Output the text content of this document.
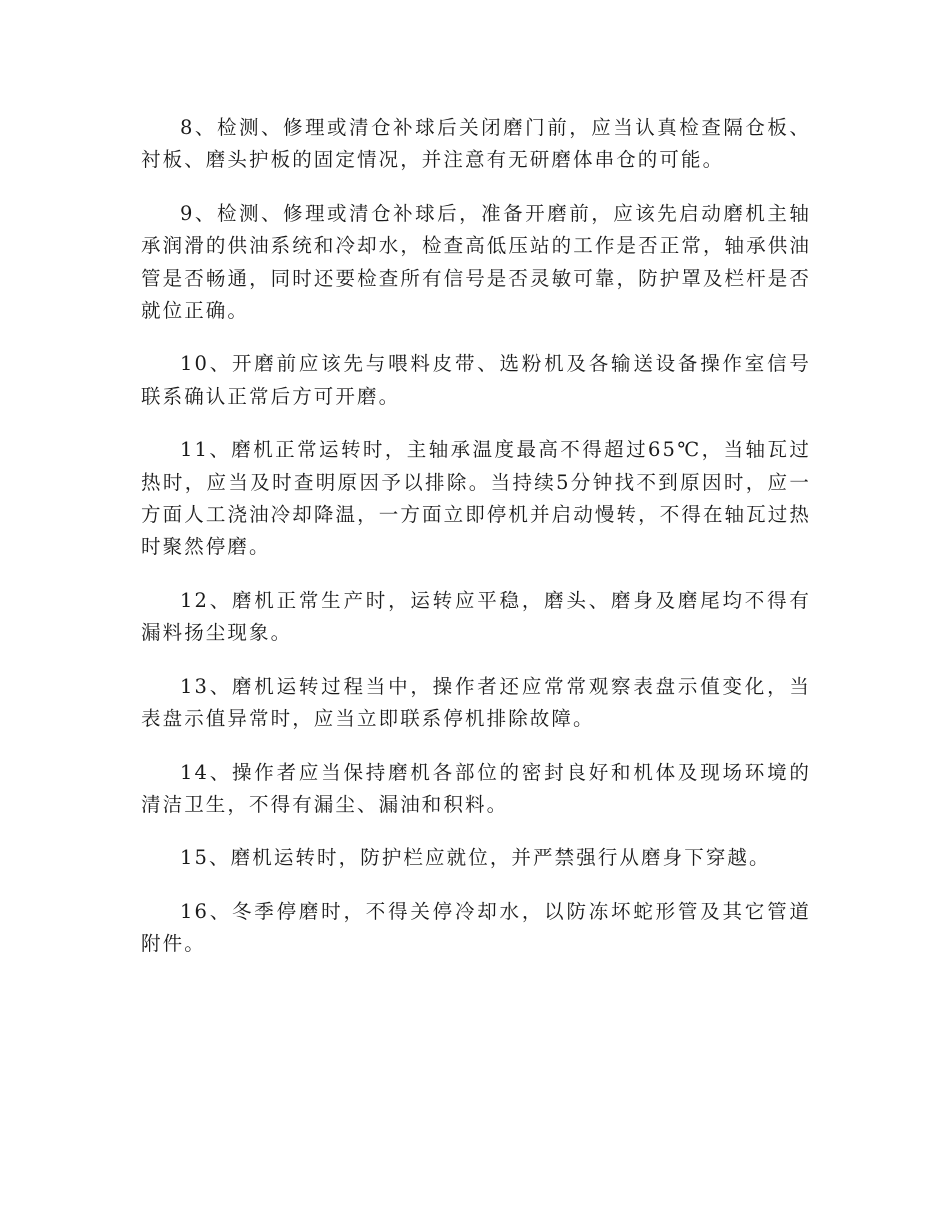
8、检测、修理或清仓补球后关闭磨门前，应当认真检查隔仓板、衬板、磨头护板的固定情况，并注意有无研磨体串仓的可能。

9、检测、修理或清仓补球后，准备开磨前，应该先启动磨机主轴承润滑的供油系统和冷却水，检查高低压站的工作是否正常，轴承供油管是否畅通，同时还要检查所有信号是否灵敏可靠，防护罩及栏杆是否就位正确。

10、开磨前应该先与喂料皮带、选粉机及各输送设备操作室信号联系确认正常后方可开磨。

11、磨机正常运转时，主轴承温度最高不得超过65℃，当轴瓦过热时，应当及时查明原因予以排除。当持续5分钟找不到原因时，应一方面人工浇油冷却降温，一方面立即停机并启动慢转，不得在轴瓦过热时聚然停磨。

12、磨机正常生产时，运转应平稳，磨头、磨身及磨尾均不得有漏料扬尘现象。

13、磨机运转过程当中，操作者还应常常观察表盘示值变化，当表盘示值异常时，应当立即联系停机排除故障。

14、操作者应当保持磨机各部位的密封良好和机体及现场环境的清洁卫生，不得有漏尘、漏油和积料。

15、磨机运转时，防护栏应就位，并严禁强行从磨身下穿越。

16、冬季停磨时，不得关停冷却水，以防冻坏蛇形管及其它管道附件。
